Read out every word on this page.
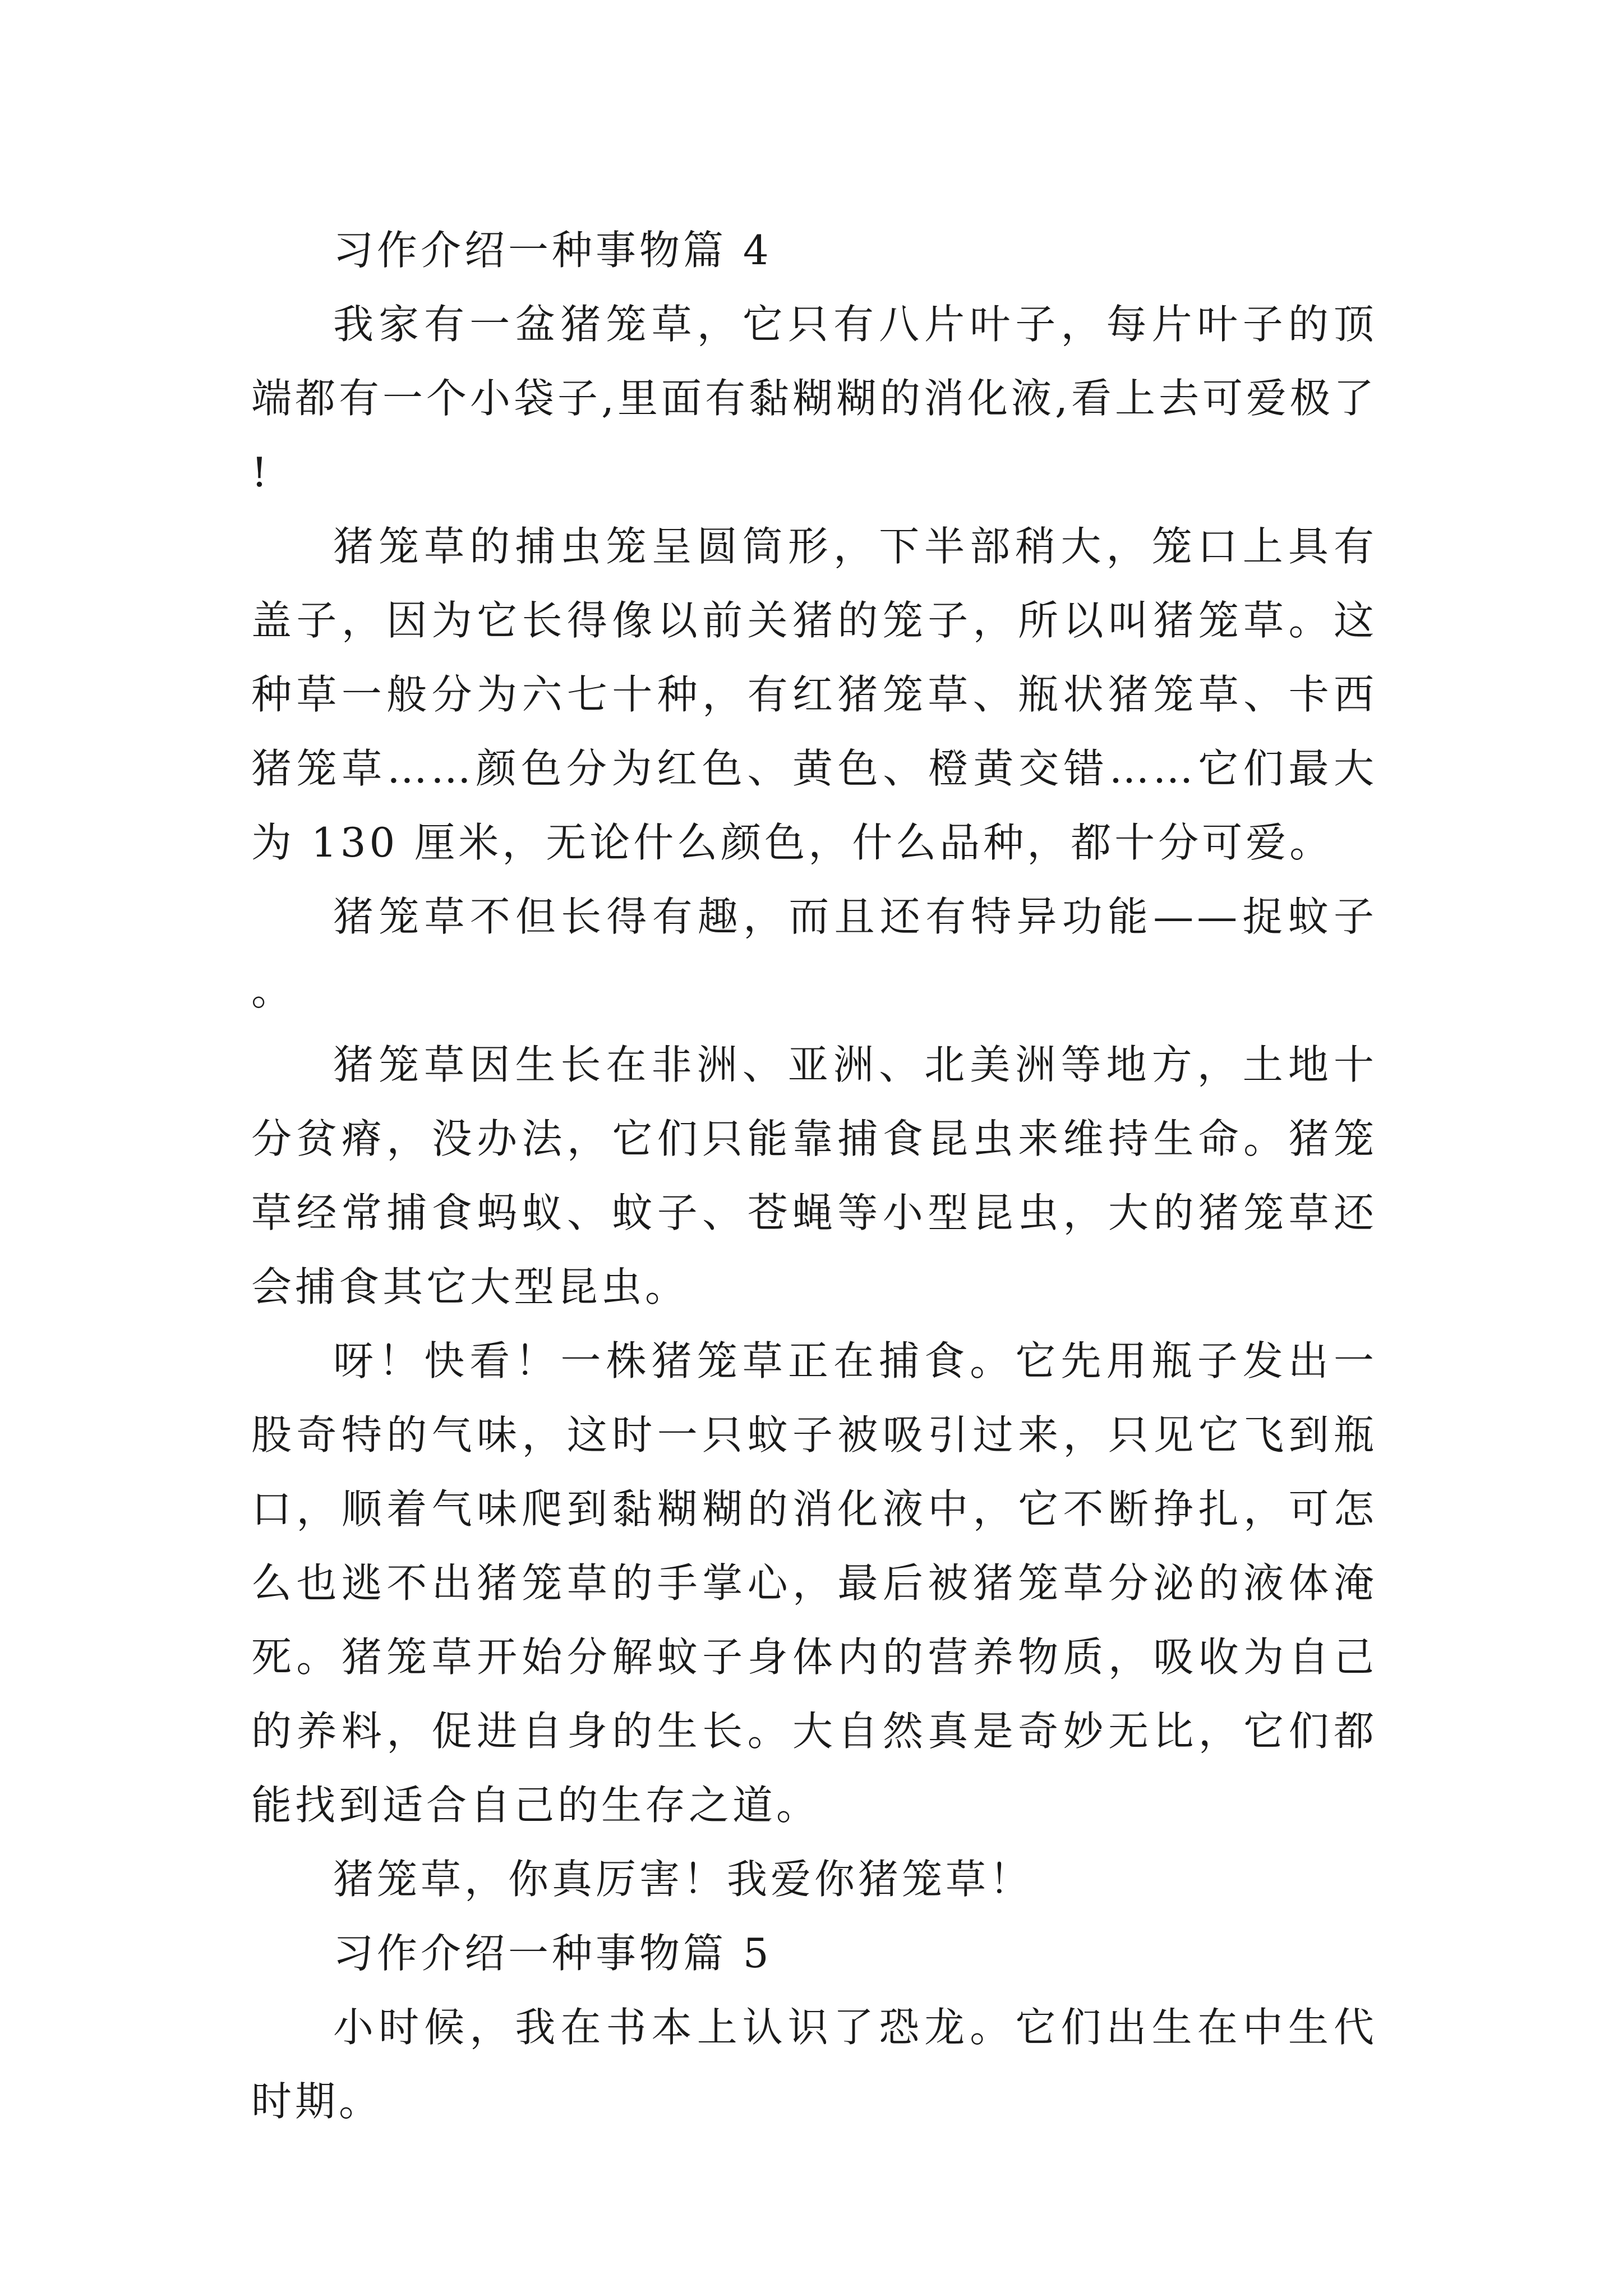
习作介绍一种事物篇 4

我家有一盆猪笼草，它只有八片叶子，每片叶子的顶端都有一个小袋子,里面有黏糊糊的消化液,看上去可爱极了!

猪笼草的捕虫笼呈圆筒形，下半部稍大，笼口上具有盖子，因为它长得像以前关猪的笼子，所以叫猪笼草。这种草一般分为六七十种，有红猪笼草、瓶状猪笼草、卡西猪笼草……颜色分为红色、黄色、橙黄交错……它们最大为 130 厘米，无论什么颜色，什么品种，都十分可爱。

猪笼草不但长得有趣，而且还有特异功能——捉蚊子。

猪笼草因生长在非洲、亚洲、北美洲等地方，土地十分贫瘠，没办法，它们只能靠捕食昆虫来维持生命。猪笼草经常捕食蚂蚁、蚊子、苍蝇等小型昆虫，大的猪笼草还会捕食其它大型昆虫。

呀！快看！一株猪笼草正在捕食。它先用瓶子发出一股奇特的气味，这时一只蚊子被吸引过来，只见它飞到瓶口，顺着气味爬到黏糊糊的消化液中，它不断挣扎，可怎么也逃不出猪笼草的手掌心，最后被猪笼草分泌的液体淹死。猪笼草开始分解蚊子身体内的营养物质，吸收为自己的养料，促进自身的生长。大自然真是奇妙无比，它们都能找到适合自己的生存之道。

猪笼草，你真厉害！我爱你猪笼草！

习作介绍一种事物篇 5

小时候，我在书本上认识了恐龙。它们出生在中生代时期。
